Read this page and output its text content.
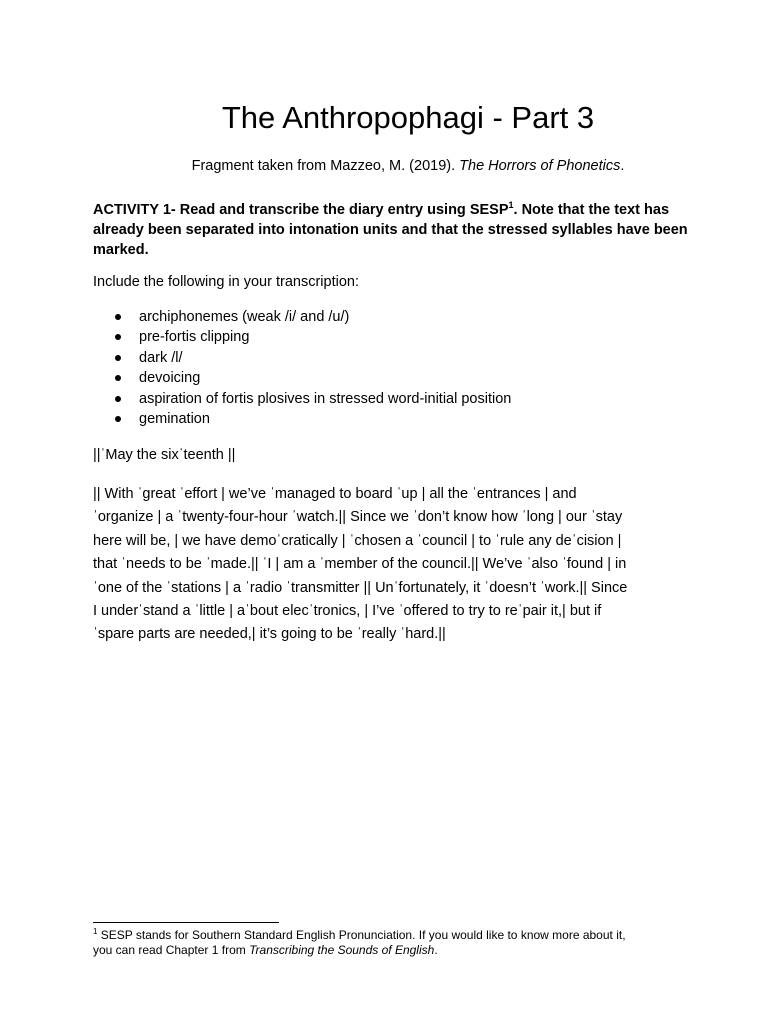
The Anthropophagi - Part 3
Fragment taken from Mazzeo, M. (2019). The Horrors of Phonetics.
ACTIVITY 1- Read and transcribe the diary entry using SESP$^1$. Note that the text has already been separated into intonation units and that the stressed syllables have been marked.
Include the following in your transcription:
archiphonemes (weak /i/ and /u/)
pre-fortis clipping
dark /l/
devoicing
aspiration of fortis plosives in stressed word-initial position
gemination
||ˈMay the sixˈteenth ||
|| With ˈgreat ˈeffort | we’ve ˈmanaged to board ˈup | all the ˈentrances | and
ˈorganize | a ˈtwenty-four-hour ˈwatch.|| Since we ˈdon’t know how ˈlong | our ˈstay
here will be, | we have demoˈcratically | ˈchosen a ˈcouncil | to ˈrule any deˈcision |
that ˈneeds to be ˈmade.|| ˈI | am a ˈmember of the council.|| We’ve ˈalso ˈfound | in
ˈone of the ˈstations | a ˈradio ˈtransmitter || Unˈfortunately, it ˈdoesn’t ˈwork.|| Since
I underˈstand a ˈlittle | aˈbout elecˈtronics, | I’ve ˈoffered to try to reˈpair it,| but if
ˈspare parts are needed,| it’s going to be ˈreally ˈhard.||
$^1$ SESP stands for Southern Standard English Pronunciation. If you would like to know more about it,
you can read Chapter 1 from Transcribing the Sounds of English.
